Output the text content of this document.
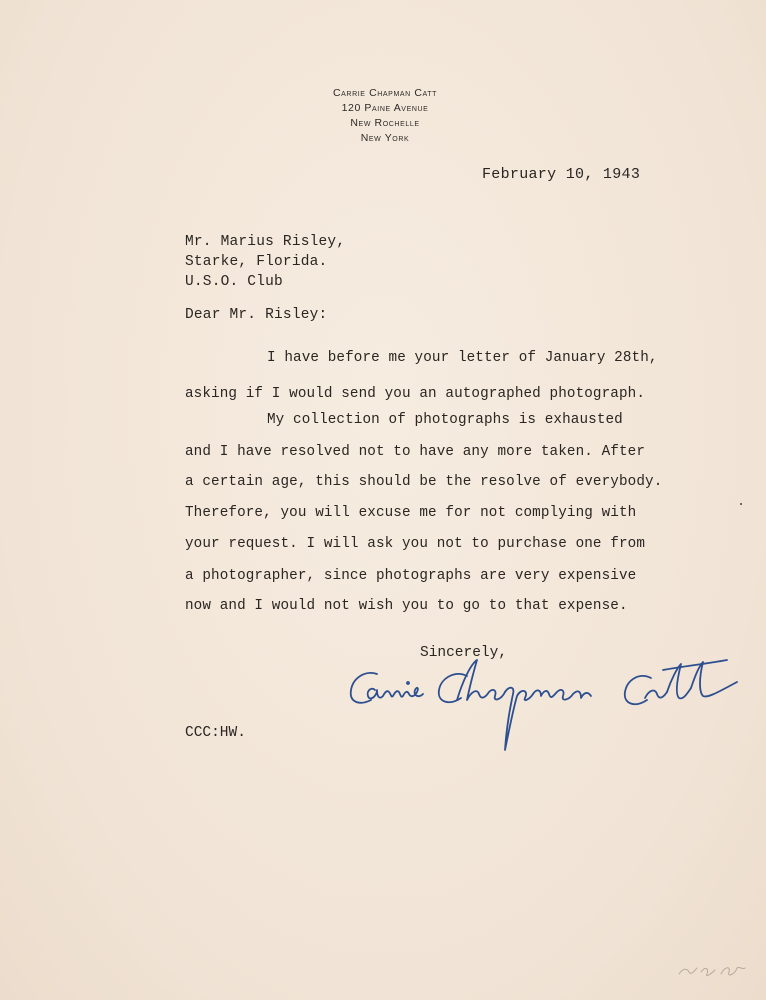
Carrie Chapman Catt
120 Paine Avenue
New Rochelle
New York
February 10, 1943
Mr. Marius Risley,
Starke, Florida.
U.S.O. Club
Dear Mr. Risley:
I have before me your letter of January 28th,
asking if I would send you an autographed photograph.
My collection of photographs is exhausted
and I have resolved not to have any more taken. After
a certain age, this should be the resolve of everybody.
Therefore, you will excuse me for not complying with
your request. I will ask you not to purchase one from
a photographer, since photographs are very expensive
now and I would not wish you to go to that expense.
Sincerely,
CCC:HW.
